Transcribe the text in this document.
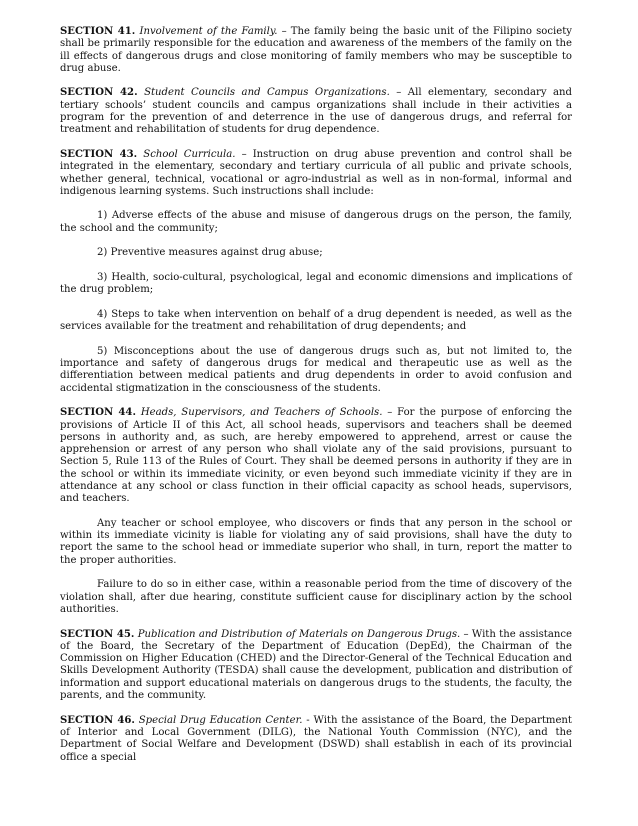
SECTION 41. Involvement of the Family. – The family being the basic unit of the Filipino society shall be primarily responsible for the education and awareness of the members of the family on the ill effects of dangerous drugs and close monitoring of family members who may be susceptible to drug abuse.

SECTION 42. Student Councils and Campus Organizations. – All elementary, secondary and tertiary schools’ student councils and campus organizations shall include in their activities a program for the prevention of and deterrence in the use of dangerous drugs, and referral for treatment and rehabilitation of students for drug dependence.

SECTION 43. School Curricula. – Instruction on drug abuse prevention and control shall be integrated in the elementary, secondary and tertiary curricula of all public and private schools, whether general, technical, vocational or agro-industrial as well as in non-formal, informal and indigenous learning systems. Such instructions shall include:

1) Adverse effects of the abuse and misuse of dangerous drugs on the person, the family, the school and the community;

2) Preventive measures against drug abuse;

3) Health, socio-cultural, psychological, legal and economic dimensions and implications of the drug problem;

4) Steps to take when intervention on behalf of a drug dependent is needed, as well as the services available for the treatment and rehabilitation of drug dependents; and

5) Misconceptions about the use of dangerous drugs such as, but not limited to, the importance and safety of dangerous drugs for medical and therapeutic use as well as the differentiation between medical patients and drug dependents in order to avoid confusion and accidental stigmatization in the consciousness of the students.

SECTION 44. Heads, Supervisors, and Teachers of Schools. – For the purpose of enforcing the provisions of Article II of this Act, all school heads, supervisors and teachers shall be deemed persons in authority and, as such, are hereby empowered to apprehend, arrest or cause the apprehension or arrest of any person who shall violate any of the said provisions, pursuant to Section 5, Rule 113 of the Rules of Court. They shall be deemed persons in authority if they are in the school or within its immediate vicinity, or even beyond such immediate vicinity if they are in attendance at any school or class function in their official capacity as school heads, supervisors, and teachers.

Any teacher or school employee, who discovers or finds that any person in the school or within its immediate vicinity is liable for violating any of said provisions, shall have the duty to report the same to the school head or immediate superior who shall, in turn, report the matter to the proper authorities.

Failure to do so in either case, within a reasonable period from the time of discovery of the violation shall, after due hearing, constitute sufficient cause for disciplinary action by the school authorities.

SECTION 45. Publication and Distribution of Materials on Dangerous Drugs. – With the assistance of the Board, the Secretary of the Department of Education (DepEd), the Chairman of the Commission on Higher Education (CHED) and the Director-General of the Technical Education and Skills Development Authority (TESDA) shall cause the development, publication and distribution of information and support educational materials on dangerous drugs to the students, the faculty, the parents, and the community.

SECTION 46. Special Drug Education Center. - With the assistance of the Board, the Department of Interior and Local Government (DILG), the National Youth Commission (NYC), and the Department of Social Welfare and Development (DSWD) shall establish in each of its provincial office a special
